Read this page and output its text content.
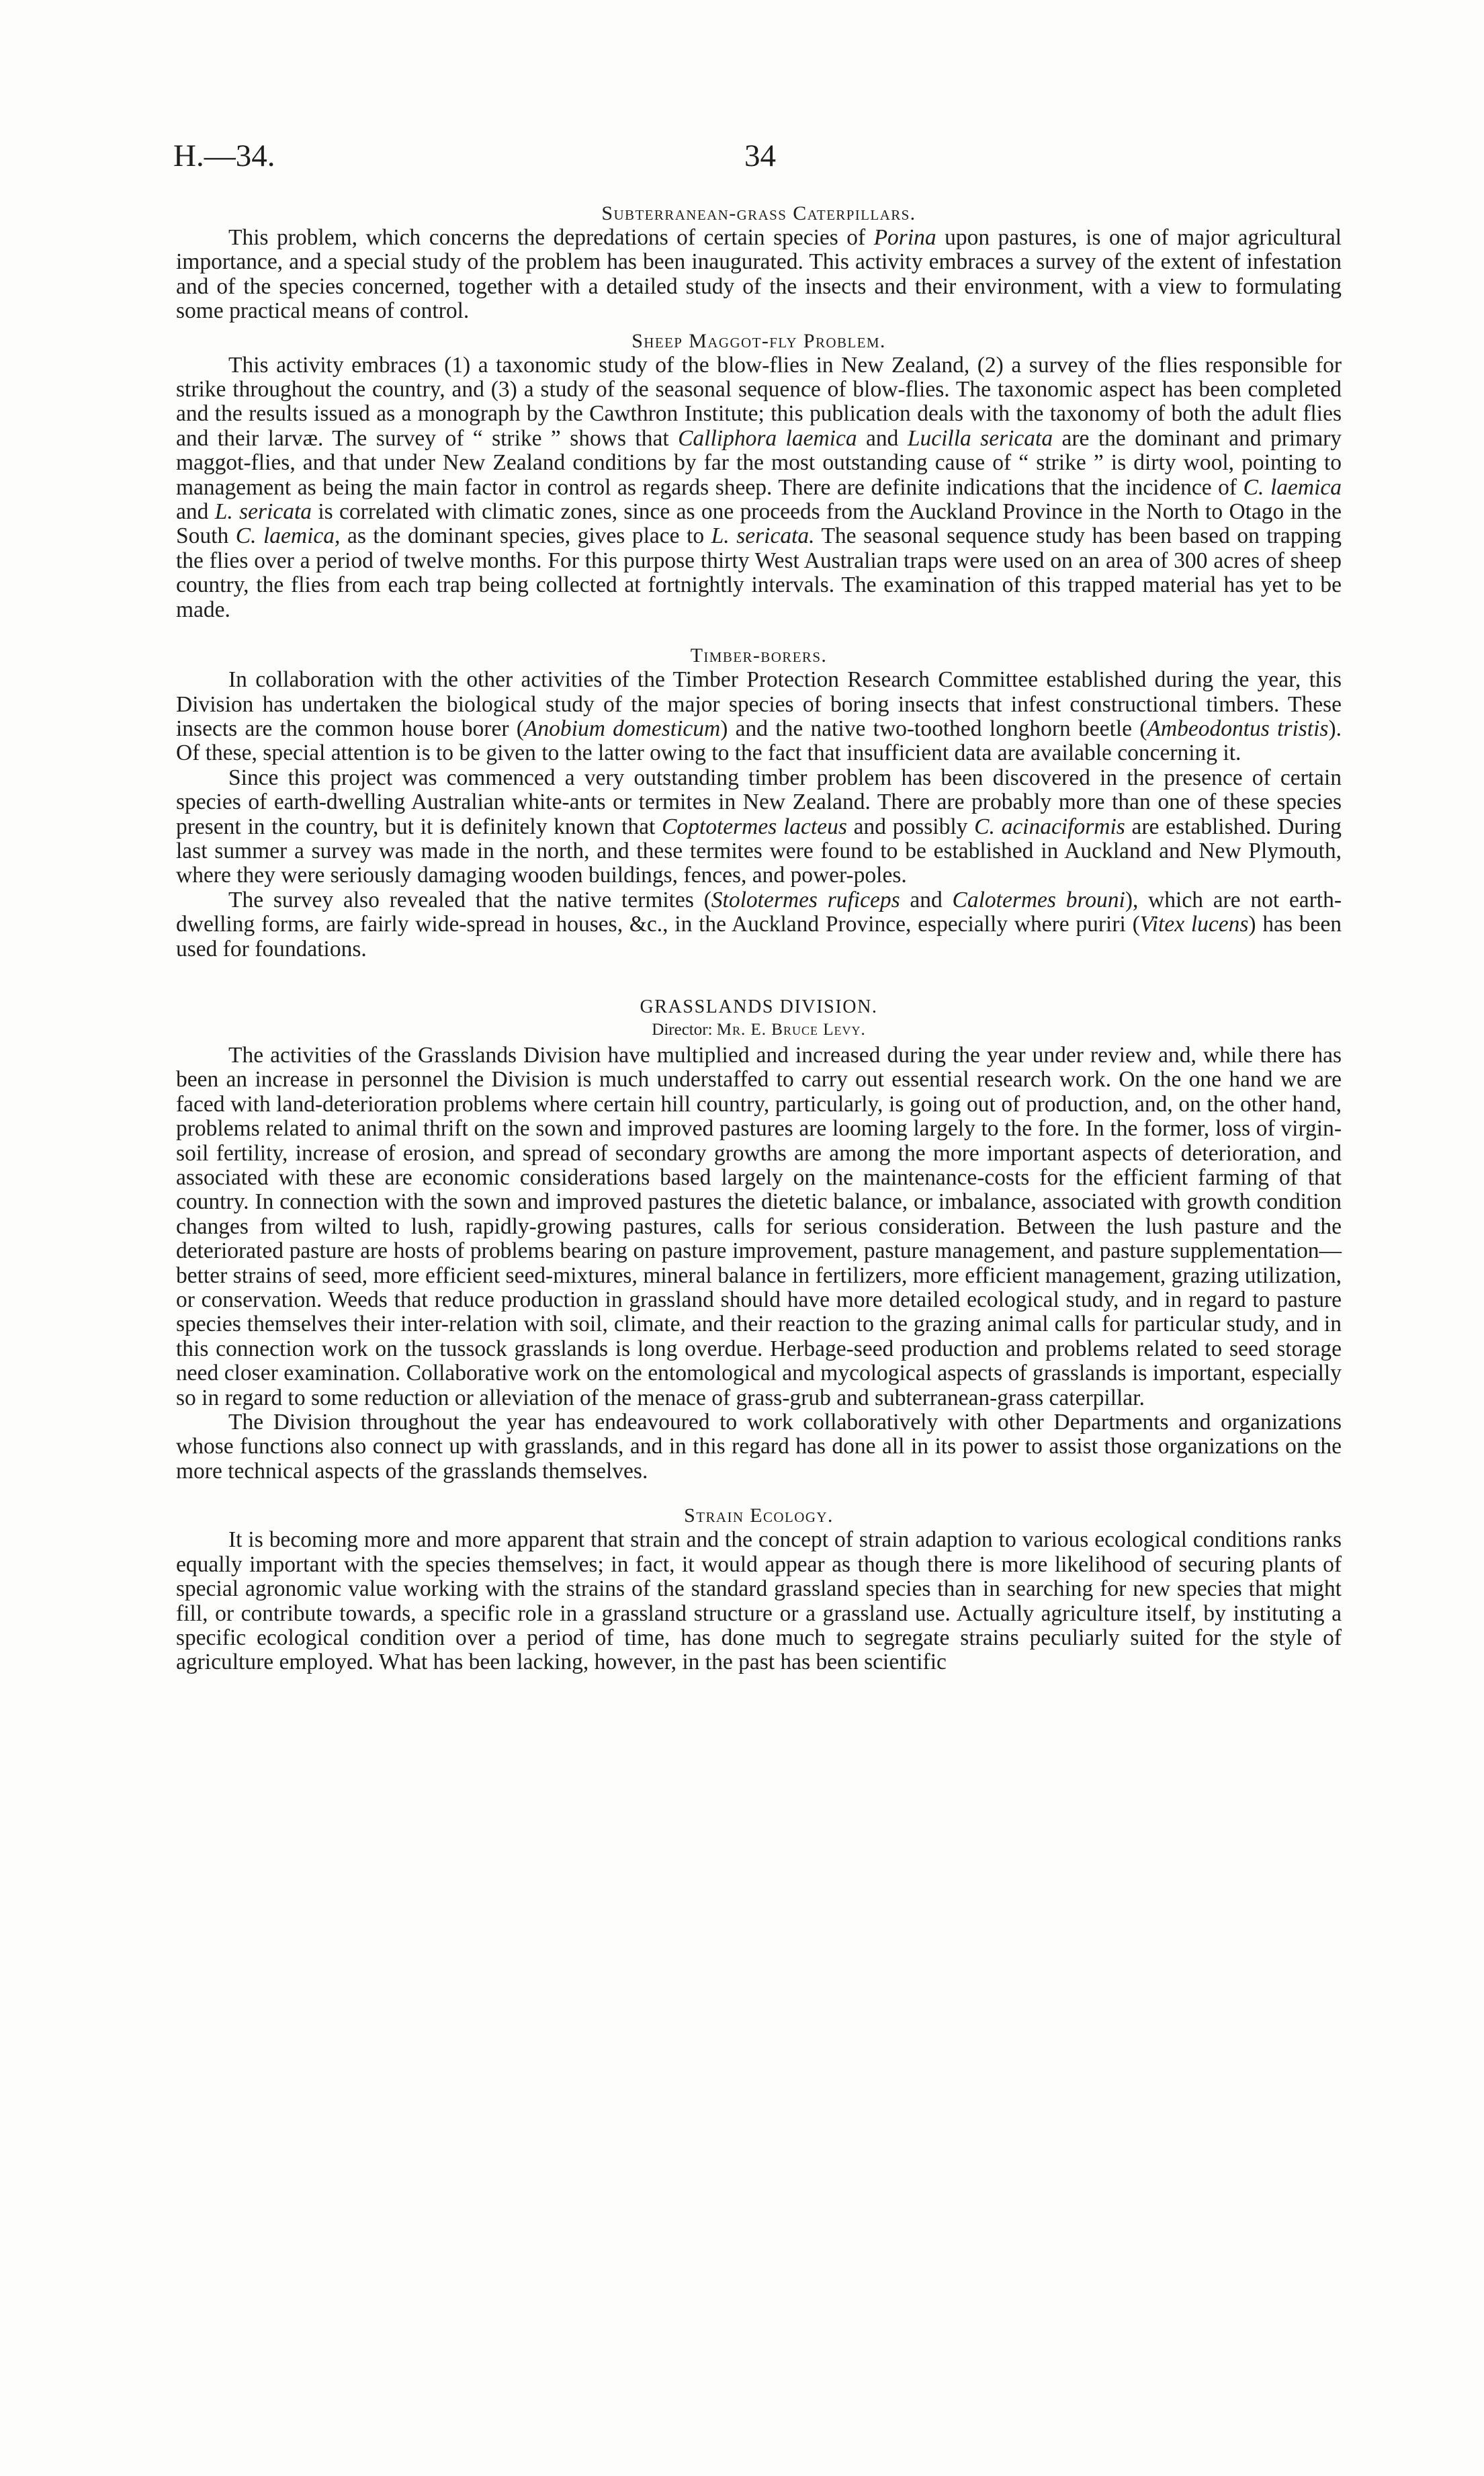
H.—34.	34
Subterranean-grass Caterpillars.

This problem, which concerns the depredations of certain species of Porina upon pastures, is one of major agricultural importance, and a special study of the problem has been inaugurated. This activity embraces a survey of the extent of infestation and of the species concerned, together with a detailed study of the insects and their environment, with a view to formulating some practical means of control.

Sheep Maggot-fly Problem.

This activity embraces (1) a taxonomic study of the blow-flies in New Zealand, (2) a survey of the flies responsible for strike throughout the country, and (3) a study of the seasonal sequence of blow-flies. The taxonomic aspect has been completed and the results issued as a monograph by the Cawthron Institute; this publication deals with the taxonomy of both the adult flies and their larvæ. The survey of “ strike ” shows that Calliphora laemica and Lucilla sericata are the dominant and primary maggot-flies, and that under New Zealand conditions by far the most outstanding cause of “ strike ” is dirty wool, pointing to management as being the main factor in control as regards sheep. There are definite indications that the incidence of C. laemica and L. sericata is correlated with climatic zones, since as one proceeds from the Auckland Province in the North to Otago in the South C. laemica, as the dominant species, gives place to L. sericata. The seasonal sequence study has been based on trapping the flies over a period of twelve months. For this purpose thirty West Australian traps were used on an area of 300 acres of sheep country, the flies from each trap being collected at fortnightly intervals. The examination of this trapped material has yet to be made.

Timber-borers.

In collaboration with the other activities of the Timber Protection Research Committee established during the year, this Division has undertaken the biological study of the major species of boring insects that infest constructional timbers. These insects are the common house borer (Anobium domesticum) and the native two-toothed longhorn beetle (Ambeodontus tristis). Of these, special attention is to be given to the latter owing to the fact that insufficient data are available concerning it.

Since this project was commenced a very outstanding timber problem has been discovered in the presence of certain species of earth-dwelling Australian white-ants or termites in New Zealand. There are probably more than one of these species present in the country, but it is definitely known that Coptotermes lacteus and possibly C. acinaciformis are established. During last summer a survey was made in the north, and these termites were found to be established in Auckland and New Plymouth, where they were seriously damaging wooden buildings, fences, and power-poles.

The survey also revealed that the native termites (Stolotermes ruficeps and Calotermes brouni), which are not earth-dwelling forms, are fairly wide-spread in houses, &c., in the Auckland Province, especially where puriri (Vitex lucens) has been used for foundations.

GRASSLANDS DIVISION.
Director: Mr. E. Bruce Levy.

The activities of the Grasslands Division have multiplied and increased during the year under review and, while there has been an increase in personnel the Division is much understaffed to carry out essential research work. On the one hand we are faced with land-deterioration problems where certain hill country, particularly, is going out of production, and, on the other hand, problems related to animal thrift on the sown and improved pastures are looming largely to the fore. In the former, loss of virgin-soil fertility, increase of erosion, and spread of secondary growths are among the more important aspects of deterioration, and associated with these are economic considerations based largely on the maintenance-costs for the efficient farming of that country. In connection with the sown and improved pastures the dietetic balance, or imbalance, associated with growth condition changes from wilted to lush, rapidly-growing pastures, calls for serious consideration. Between the lush pasture and the deteriorated pasture are hosts of problems bearing on pasture improvement, pasture management, and pasture supplementation—better strains of seed, more efficient seed-mixtures, mineral balance in fertilizers, more efficient management, grazing utilization, or conservation. Weeds that reduce production in grassland should have more detailed ecological study, and in regard to pasture species themselves their inter-relation with soil, climate, and their reaction to the grazing animal calls for particular study, and in this connection work on the tussock grasslands is long overdue. Herbage-seed production and problems related to seed storage need closer examination. Collaborative work on the entomological and mycological aspects of grasslands is important, especially so in regard to some reduction or alleviation of the menace of grass-grub and subterranean-grass caterpillar.

The Division throughout the year has endeavoured to work collaboratively with other Departments and organizations whose functions also connect up with grasslands, and in this regard has done all in its power to assist those organizations on the more technical aspects of the grasslands themselves.

Strain Ecology.

It is becoming more and more apparent that strain and the concept of strain adaption to various ecological conditions ranks equally important with the species themselves; in fact, it would appear as though there is more likelihood of securing plants of special agronomic value working with the strains of the standard grassland species than in searching for new species that might fill, or contribute towards, a specific role in a grassland structure or a grassland use. Actually agriculture itself, by instituting a specific ecological condition over a period of time, has done much to segregate strains peculiarly suited for the style of agriculture employed. What has been lacking, however, in the past has been scientific
